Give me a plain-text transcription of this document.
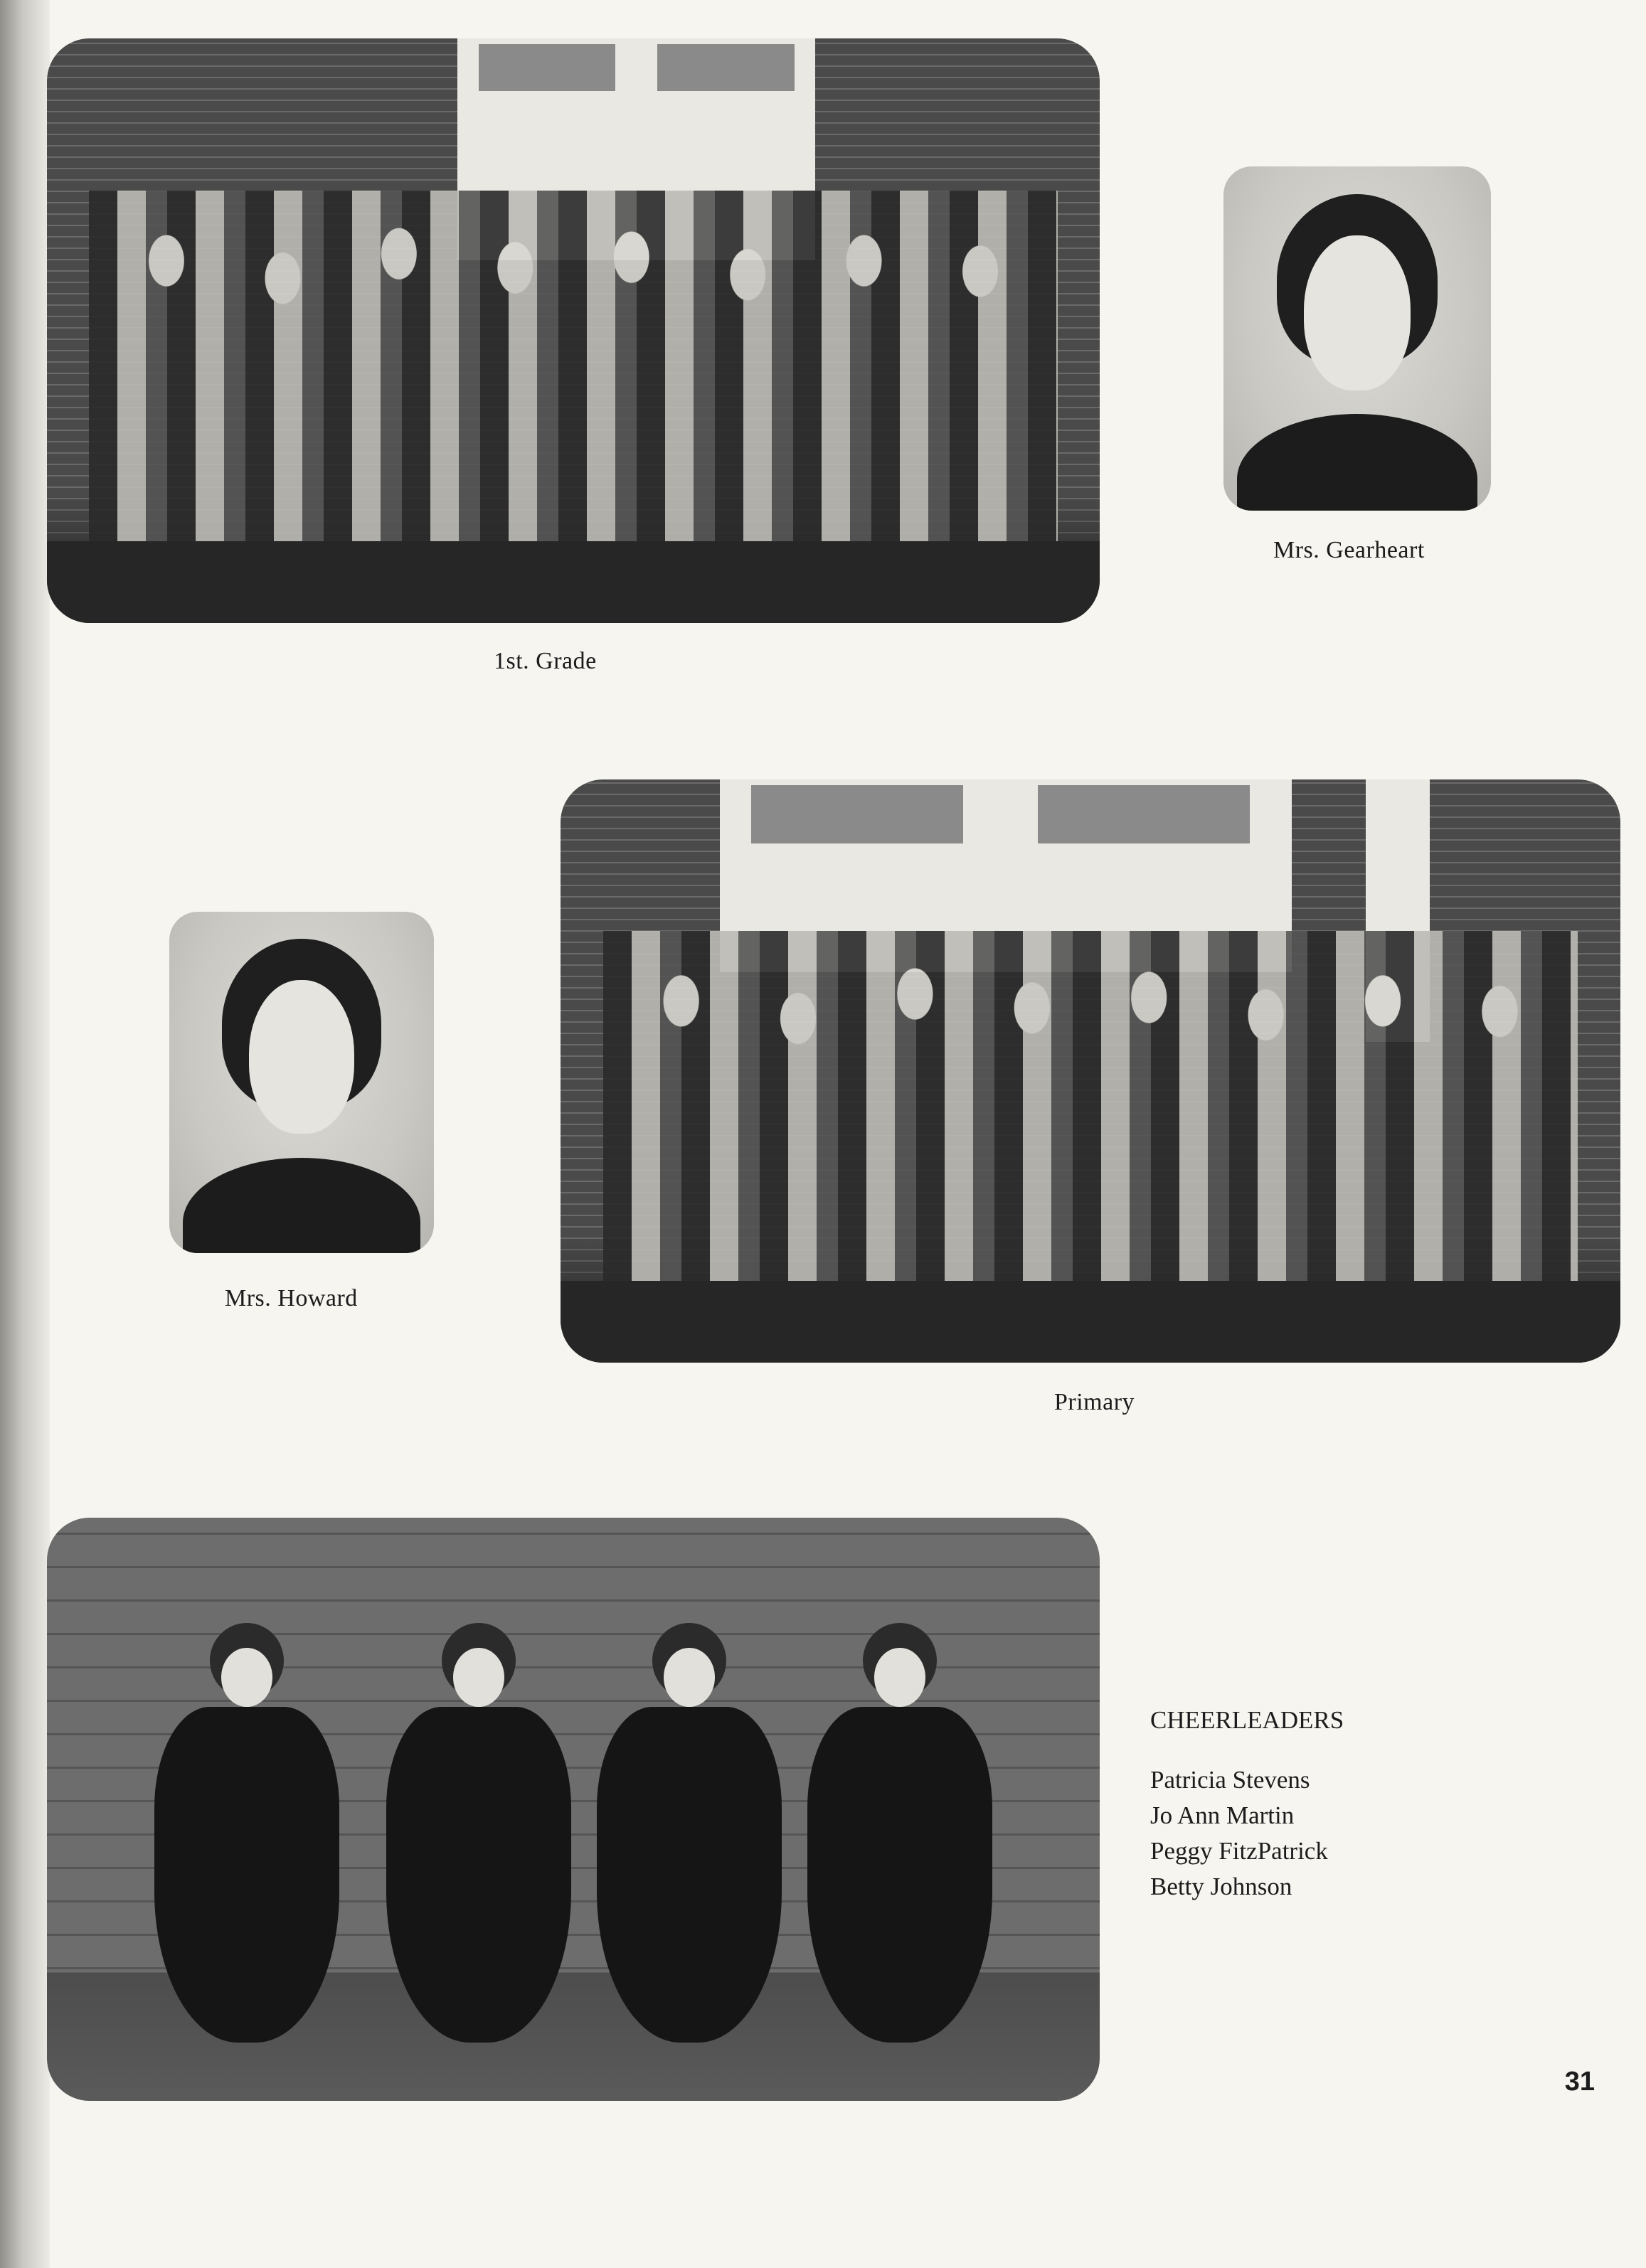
1st. Grade
Mrs. Gearheart
Mrs. Howard
Primary
CHEERLEADERS
Patricia Stevens
Jo Ann Martin
Peggy FitzPatrick
Betty Johnson
31
